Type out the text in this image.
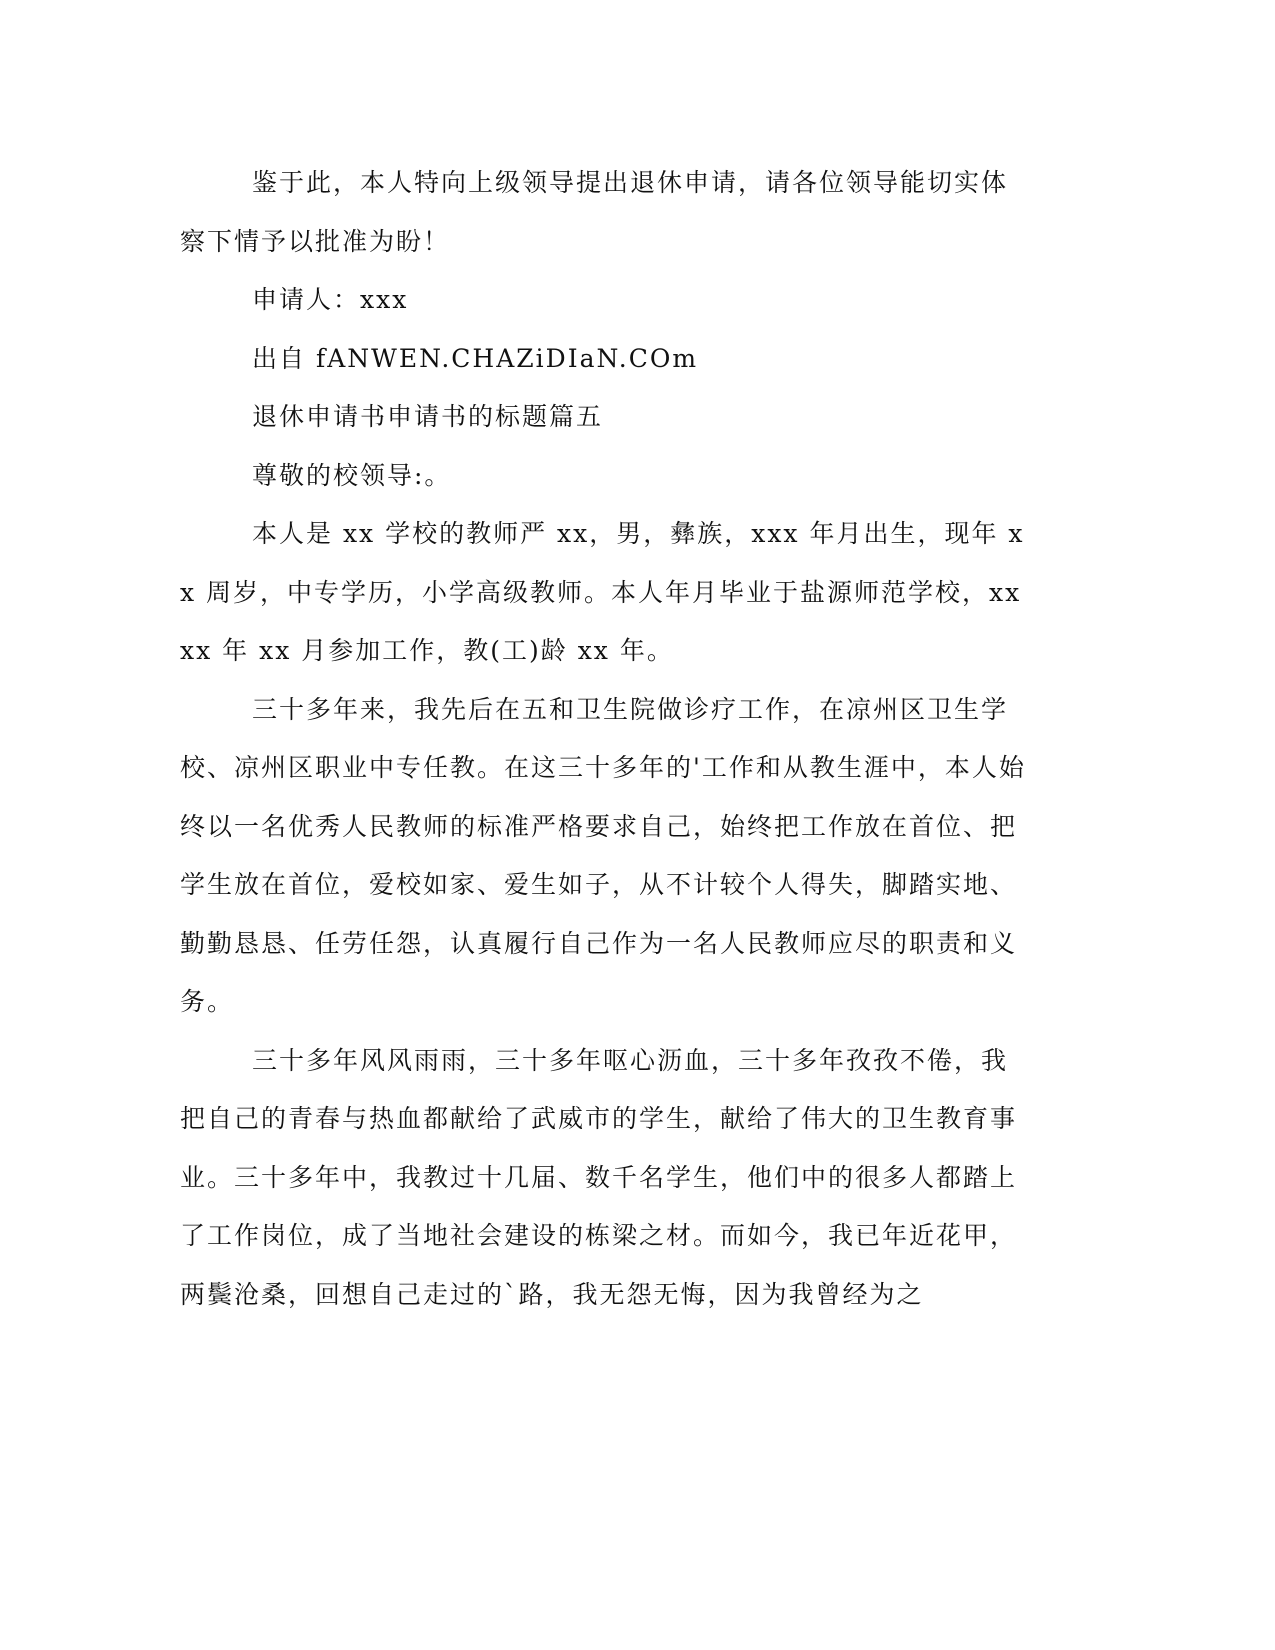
鉴于此，本人特向上级领导提出退休申请，请各位领导能切实体察下情予以批准为盼！

申请人：xxx

出自 fANWEN.CHAZiDIaN.COm

退休申请书申请书的标题篇五

尊敬的校领导:。

本人是 xx 学校的教师严 xx，男，彝族，xxx 年月出生，现年 xx 周岁，中专学历，小学高级教师。本人年月毕业于盐源师范学校，xxxx 年 xx 月参加工作，教(工)龄 xx 年。

三十多年来，我先后在五和卫生院做诊疗工作，在凉州区卫生学校、凉州区职业中专任教。在这三十多年的'工作和从教生涯中，本人始终以一名优秀人民教师的标准严格要求自己，始终把工作放在首位、把学生放在首位，爱校如家、爱生如子，从不计较个人得失，脚踏实地、勤勤恳恳、任劳任怨，认真履行自己作为一名人民教师应尽的职责和义务。

三十多年风风雨雨，三十多年呕心沥血，三十多年孜孜不倦，我把自己的青春与热血都献给了武威市的学生，献给了伟大的卫生教育事业。三十多年中，我教过十几届、数千名学生，他们中的很多人都踏上了工作岗位，成了当地社会建设的栋梁之材。而如今，我已年近花甲，两鬓沧桑，回想自己走过的`路，我无怨无悔，因为我曾经为之
